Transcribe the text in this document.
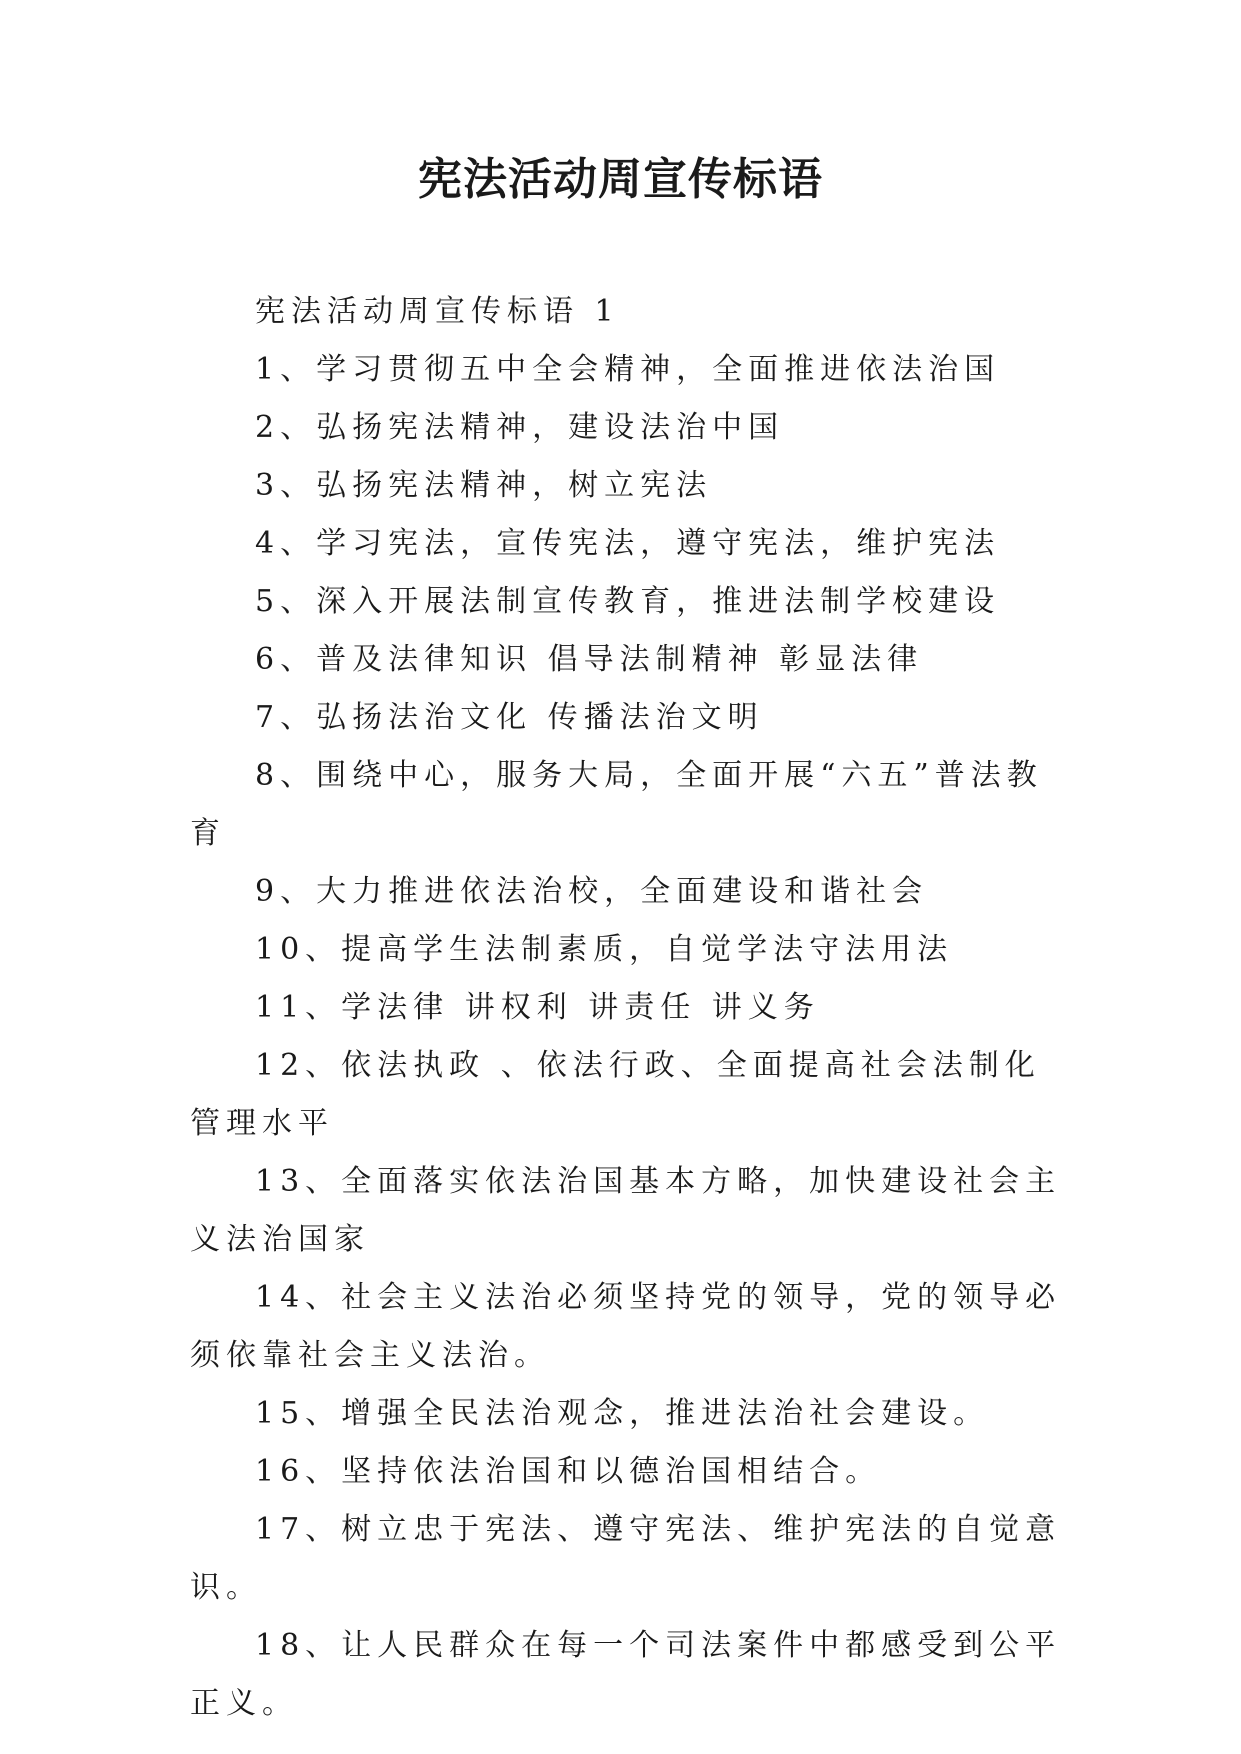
宪法活动周宣传标语

宪法活动周宣传标语 1

1、学习贯彻五中全会精神，全面推进依法治国

2、弘扬宪法精神，建设法治中国

3、弘扬宪法精神，树立宪法

4、学习宪法，宣传宪法，遵守宪法，维护宪法

5、深入开展法制宣传教育，推进法制学校建设

6、普及法律知识 倡导法制精神 彰显法律

7、弘扬法治文化 传播法治文明

8、围绕中心，服务大局，全面开展“六五”普法教育

9、大力推进依法治校，全面建设和谐社会

10、提高学生法制素质，自觉学法守法用法

11、学法律 讲权利 讲责任 讲义务

12、依法执政 、依法行政、全面提高社会法制化管理水平

13、全面落实依法治国基本方略，加快建设社会主义法治国家

14、社会主义法治必须坚持党的领导，党的领导必须依靠社会主义法治。

15、增强全民法治观念，推进法治社会建设。

16、坚持依法治国和以德治国相结合。

17、树立忠于宪法、遵守宪法、维护宪法的自觉意识。

18、让人民群众在每一个司法案件中都感受到公平正义。
